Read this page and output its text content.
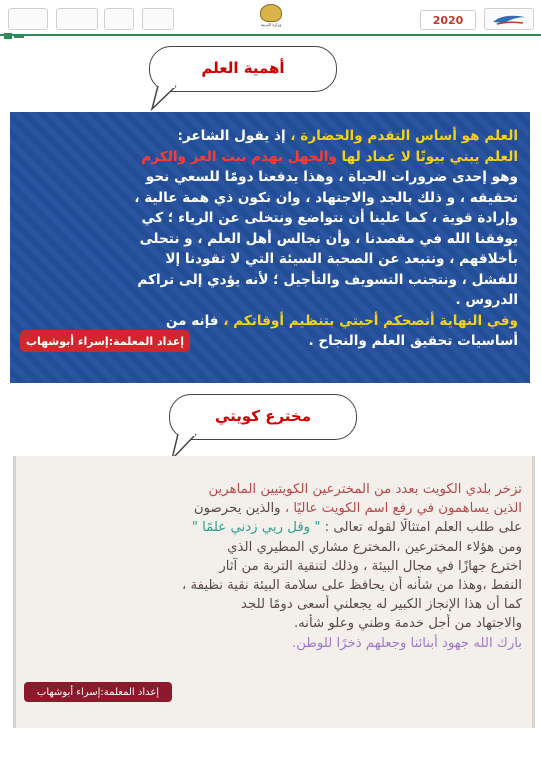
وزارة التربية	2020
أهمية العلم
العلم هو أساس التقدم والحضارة ، إذ يقول الشاعر:
العلم يبني بيوتًا لا عماد لها والجهل يهدم بيت العز والكرم
وهو إحدى ضرورات الحياة ، وهذا يدفعنا دومًا للسعي نحو
تحقيقه ، و ذلك بالجد والاجتهاد ، وان نكون ذي همة عالية ،
وإرادة قوية ، كما علينا أن نتواضع ونتخلى عن الرياء ؛ كي
يوفقنا الله في مقصدنا ، وأن نجالس أهل العلم ، و نتحلى
بأخلاقهم ، ونتبعد عن الصحبة السيئة التي لا تقودنا إلا
للفشل ، ونتجنب التسويف والتأجيل ؛ لأنه يؤدي إلى تراكم
الدروس .
وفي النهاية أنصحكم أحبتي بتنظيم أوقاتكم ، فإنه من
أساسيات تحقيق العلم والنجاح .
إعداد المعلمة:إسراء أبوشهاب
مخترع كويتي
تزخر بلدي الكويت بعدد من المخترعين الكويتيين الماهرين
الذين يساهمون في رفع اسم الكويت عاليًا ، والذين يحرصون
على طلب العلم امتثالًا لقوله تعالى : " وقل ربي زدني علمًا "
ومن هؤلاء المخترعين ،المخترع مشاري المطيري الذي
اخترع جهازًا في مجال البيئة ، وذلك لتنقية التربة من آثار
النفط ،وهذا من شأنه أن يحافظ على سلامة البيئة نقية نظيفة ،
كما أن هذا الإنجاز الكبير له يجعلني أسعى دومًا للجد
والاجتهاد من أجل خدمة وطني وعلو شأنه.
بارك الله جهود أبنائنا وجعلهم ذخرًا للوطن.
إعداد المعلمة:إسراء أبوشهاب
